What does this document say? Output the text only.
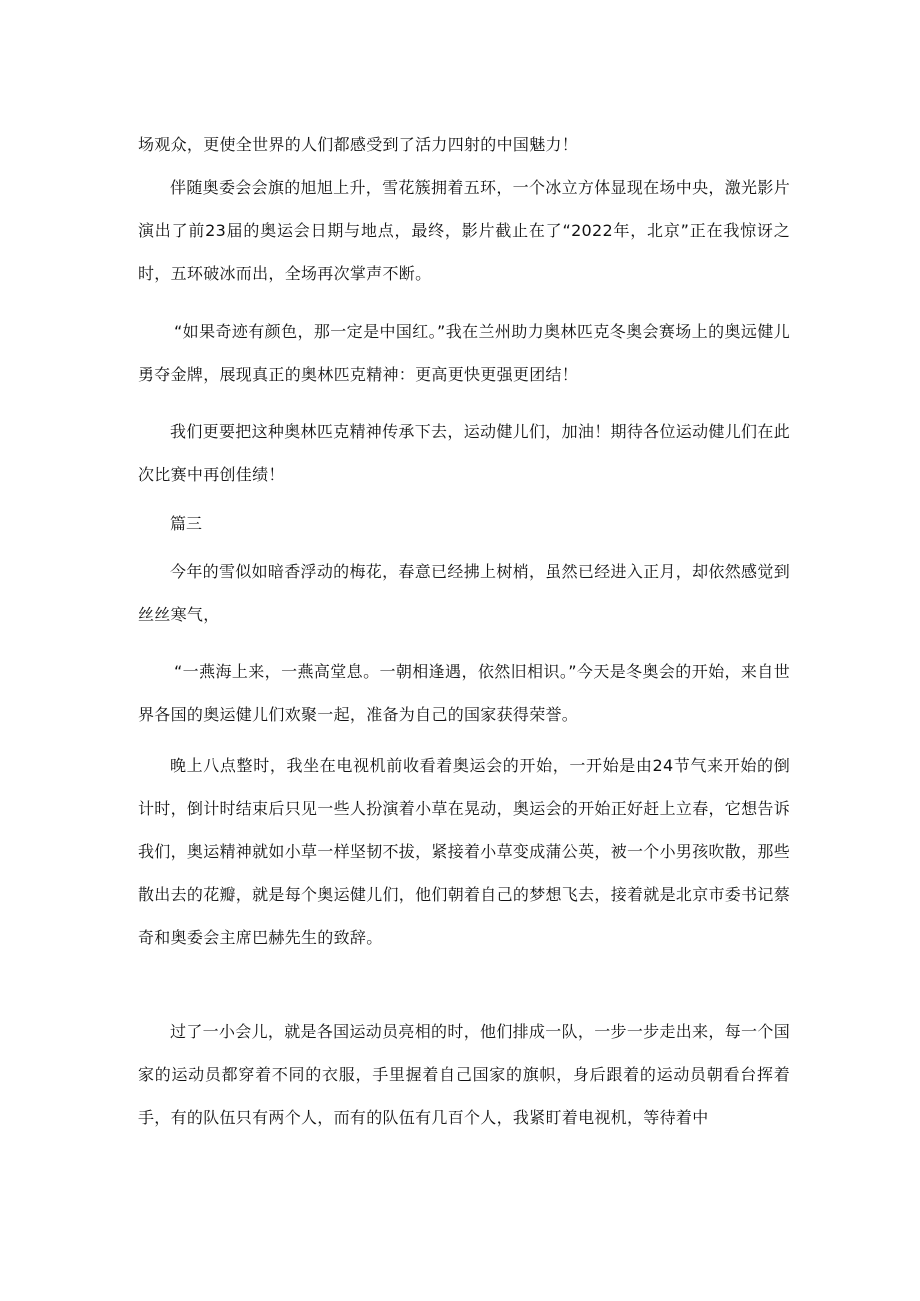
场观众，更使全世界的人们都感受到了活力四射的中国魅力！

伴随奥委会会旗的旭旭上升，雪花簇拥着五环，一个冰立方体显现在场中央，激光影片演出了前23届的奥运会日期与地点，最终，影片截止在了“2022年，北京”正在我惊讶之时，五环破冰而出，全场再次掌声不断。

“如果奇迹有颜色，那一定是中国红。”我在兰州助力奥林匹克冬奥会赛场上的奥远健儿勇夺金牌，展现真正的奥林匹克精神：更高更快更强更团结！

我们更要把这种奥林匹克精神传承下去，运动健儿们，加油！期待各位运动健儿们在此次比赛中再创佳绩！

篇三

今年的雪似如暗香浮动的梅花，春意已经拂上树梢，虽然已经进入正月，却依然感觉到丝丝寒气，

“一燕海上来，一燕高堂息。一朝相逢遇，依然旧相识。”今天是冬奥会的开始，来自世界各国的奥运健儿们欢聚一起，准备为自己的国家获得荣誉。

晚上八点整时，我坐在电视机前收看着奥运会的开始，一开始是由24节气来开始的倒计时，倒计时结束后只见一些人扮演着小草在晃动，奥运会的开始正好赶上立春，它想告诉我们，奥运精神就如小草一样坚韧不拔，紧接着小草变成蒲公英，被一个小男孩吹散，那些散出去的花瓣，就是每个奥运健儿们，他们朝着自己的梦想飞去，接着就是北京市委书记蔡奇和奥委会主席巴赫先生的致辞。

过了一小会儿，就是各国运动员亮相的时，他们排成一队，一步一步走出来，每一个国家的运动员都穿着不同的衣服，手里握着自己国家的旗帜，身后跟着的运动员朝看台挥着手，有的队伍只有两个人，而有的队伍有几百个人，我紧盯着电视机，等待着中
